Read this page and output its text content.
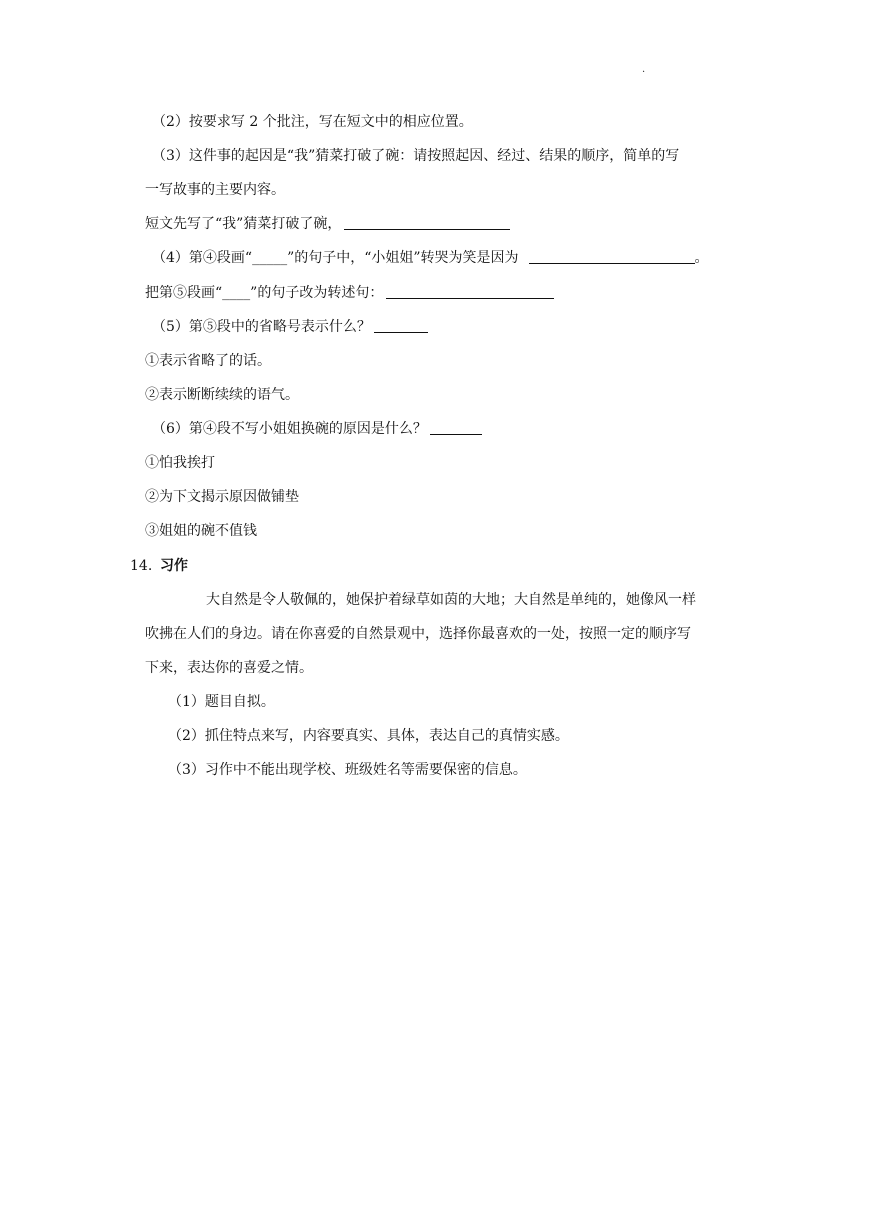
·
（2）按要求写 2 个批注，写在短文中的相应位置。
（3）这件事的起因是“我”猜菜打破了碗：请按照起因、经过、结果的顺序，简单的写
一写故事的主要内容。
短文先写了“我”猜菜打破了碗，
（4）第④段画“_____”的句子中，“小姐姐”转哭为笑是因为	。
把第⑤段画“____”的句子改为转述句：
（5）第⑤段中的省略号表示什么？
①表示省略了的话。
②表示断断续续的语气。
（6）第④段不写小姐姐换碗的原因是什么？
①怕我挨打
②为下文揭示原因做铺垫
③姐姐的碗不值钱
14. 习作
大自然是令人敬佩的，她保护着绿草如茵的大地；大自然是单纯的，她像风一样
吹拂在人们的身边。请在你喜爱的自然景观中，选择你最喜欢的一处，按照一定的顺序写
下来，表达你的喜爱之情。
（1）题目自拟。
（2）抓住特点来写，内容要真实、具体，表达自己的真情实感。
（3）习作中不能出现学校、班级姓名等需要保密的信息。
